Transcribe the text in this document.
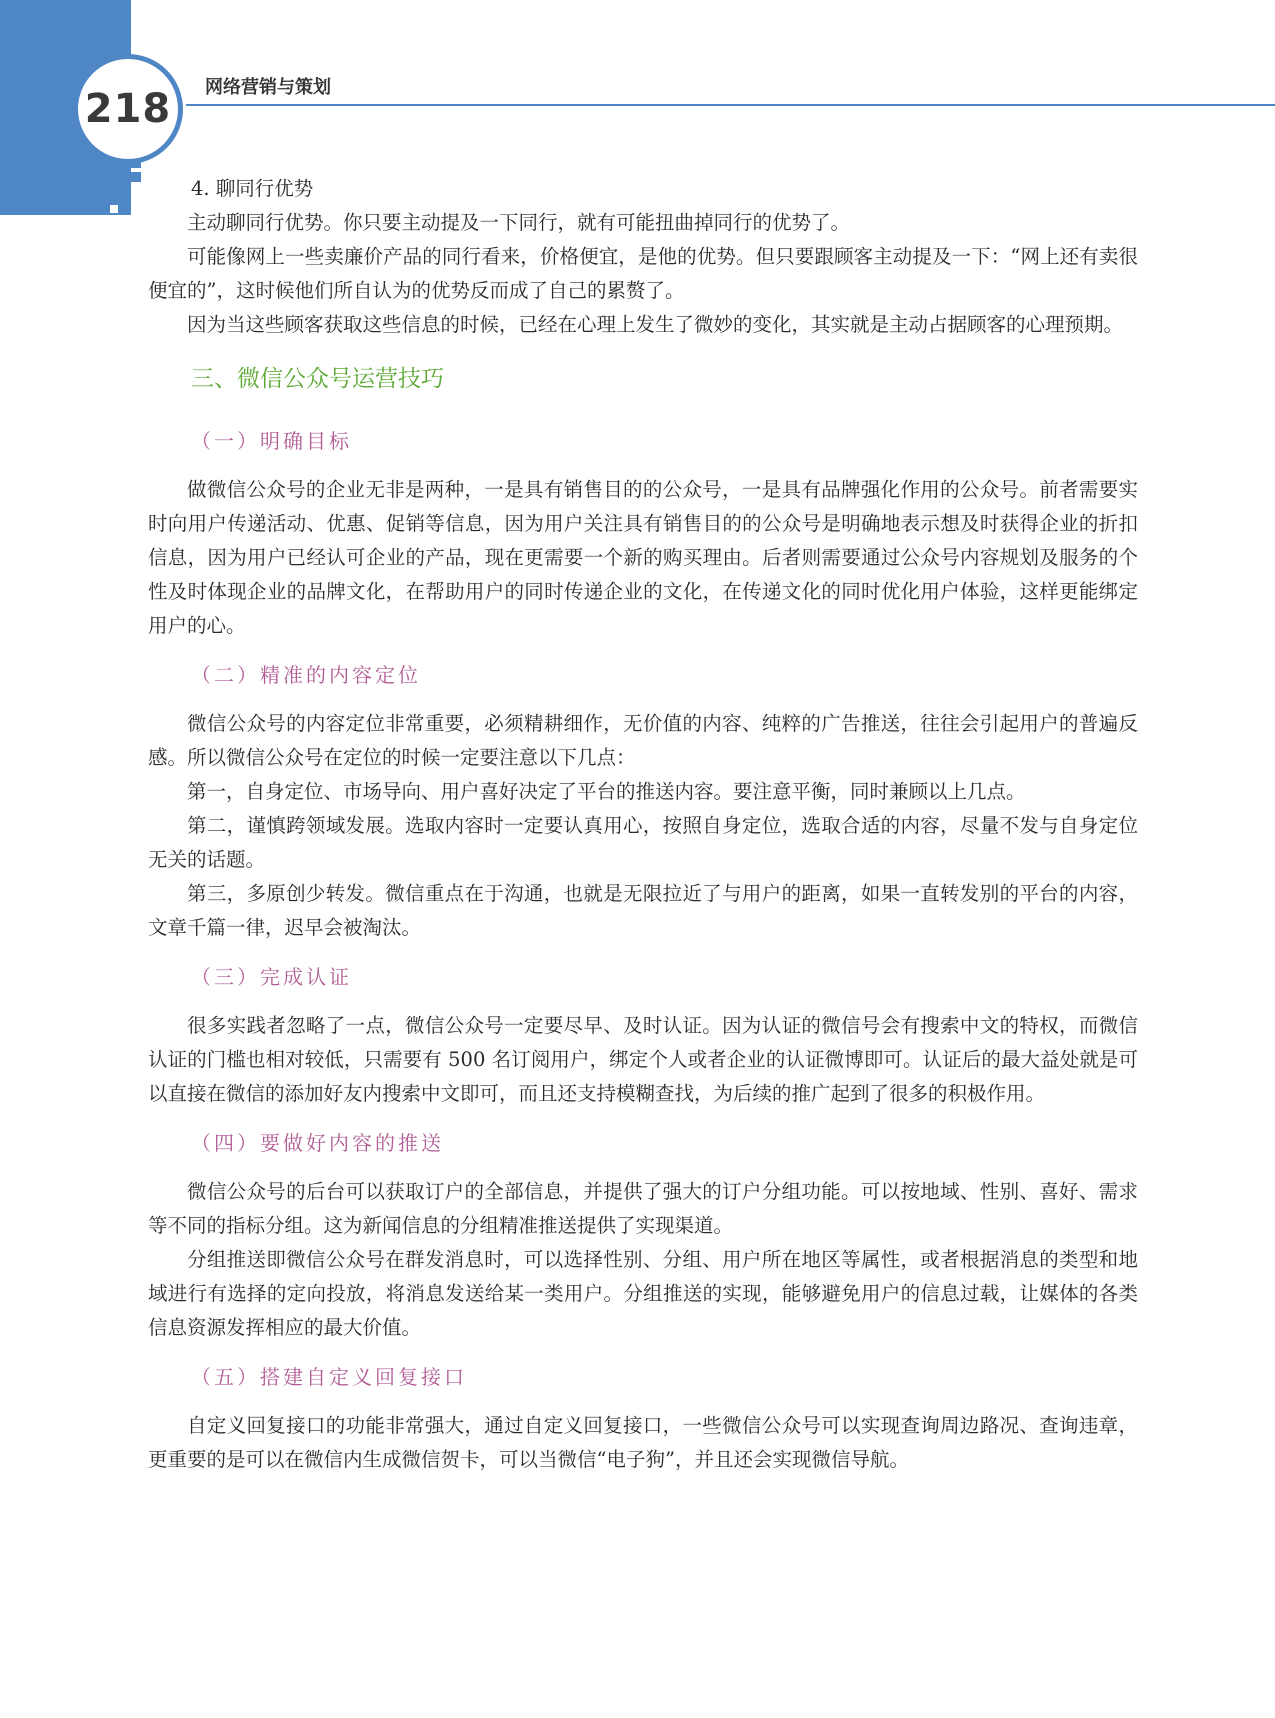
218 网络营销与策划

4. 聊同行优势

主动聊同行优势。你只要主动提及一下同行，就有可能扭曲掉同行的优势了。

可能像网上一些卖廉价产品的同行看来，价格便宜，是他的优势。但只要跟顾客主动提及一下：“网上还有卖很便宜的”，这时候他们所自认为的优势反而成了自己的累赘了。

因为当这些顾客获取这些信息的时候，已经在心理上发生了微妙的变化，其实就是主动占据顾客的心理预期。

三、微信公众号运营技巧
（一）明确目标

做微信公众号的企业无非是两种，一是具有销售目的的公众号，一是具有品牌强化作用的公众号。前者需要实时向用户传递活动、优惠、促销等信息，因为用户关注具有销售目的的公众号是明确地表示想及时获得企业的折扣信息，因为用户已经认可企业的产品，现在更需要一个新的购买理由。后者则需要通过公众号内容规划及服务的个性及时体现企业的品牌文化，在帮助用户的同时传递企业的文化，在传递文化的同时优化用户体验，这样更能绑定用户的心。

（二）精准的内容定位

微信公众号的内容定位非常重要，必须精耕细作，无价值的内容、纯粹的广告推送，往往会引起用户的普遍反感。所以微信公众号在定位的时候一定要注意以下几点：

第一，自身定位、市场导向、用户喜好决定了平台的推送内容。要注意平衡，同时兼顾以上几点。

第二，谨慎跨领域发展。选取内容时一定要认真用心，按照自身定位，选取合适的内容，尽量不发与自身定位无关的话题。

第三，多原创少转发。微信重点在于沟通，也就是无限拉近了与用户的距离，如果一直转发别的平台的内容，文章千篇一律，迟早会被淘汰。

（三）完成认证

很多实践者忽略了一点，微信公众号一定要尽早、及时认证。因为认证的微信号会有搜索中文的特权，而微信认证的门槛也相对较低，只需要有 500 名订阅用户，绑定个人或者企业的认证微博即可。认证后的最大益处就是可以直接在微信的添加好友内搜索中文即可，而且还支持模糊查找，为后续的推广起到了很多的积极作用。

（四）要做好内容的推送

微信公众号的后台可以获取订户的全部信息，并提供了强大的订户分组功能。可以按地域、性别、喜好、需求等不同的指标分组。这为新闻信息的分组精准推送提供了实现渠道。

分组推送即微信公众号在群发消息时，可以选择性别、分组、用户所在地区等属性，或者根据消息的类型和地域进行有选择的定向投放，将消息发送给某一类用户。分组推送的实现，能够避免用户的信息过载，让媒体的各类信息资源发挥相应的最大价值。

（五）搭建自定义回复接口

自定义回复接口的功能非常强大，通过自定义回复接口，一些微信公众号可以实现查询周边路况、查询违章，更重要的是可以在微信内生成微信贺卡，可以当微信“电子狗”，并且还会实现微信导航。
